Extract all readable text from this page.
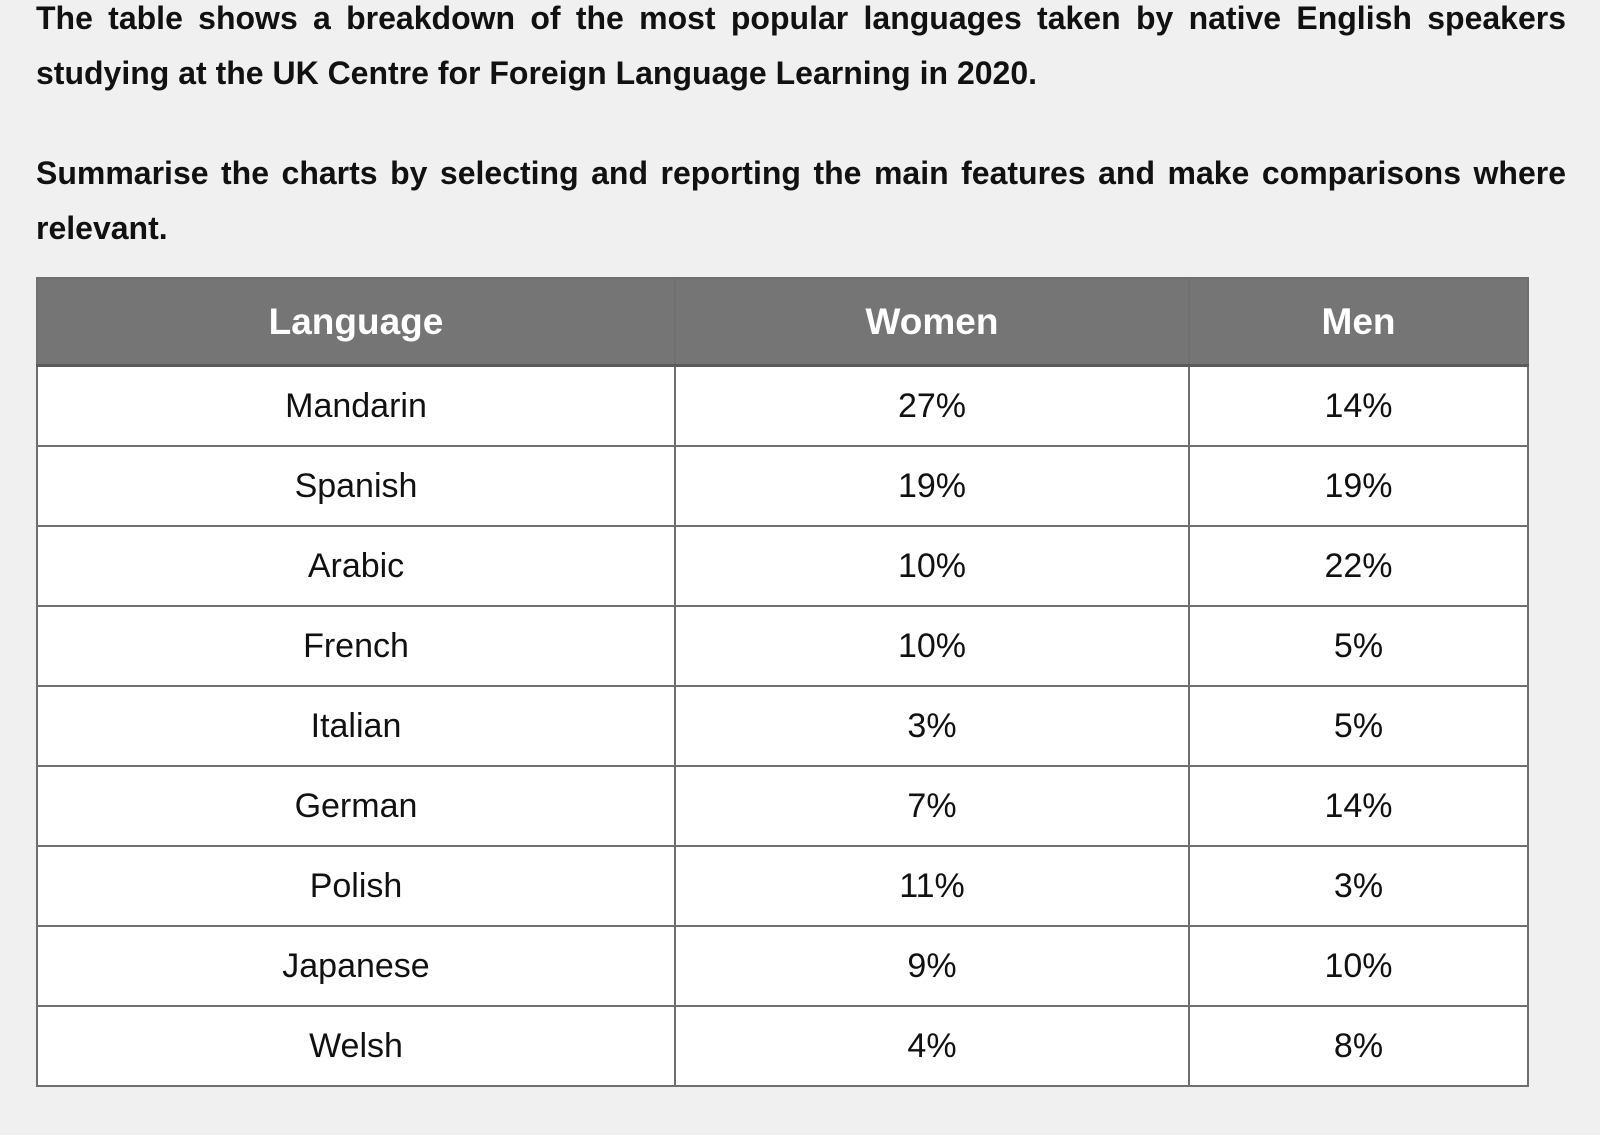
The table shows a breakdown of the most popular languages taken by native English speakers studying at the UK Centre for Foreign Language Learning in 2020.

Summarise the charts by selecting and reporting the main features and make comparisons where relevant.

Language	Women	Men
Mandarin	27%	14%
Spanish	19%	19%
Arabic	10%	22%
French	10%	5%
Italian	3%	5%
German	7%	14%
Polish	11%	3%
Japanese	9%	10%
Welsh	4%	8%
